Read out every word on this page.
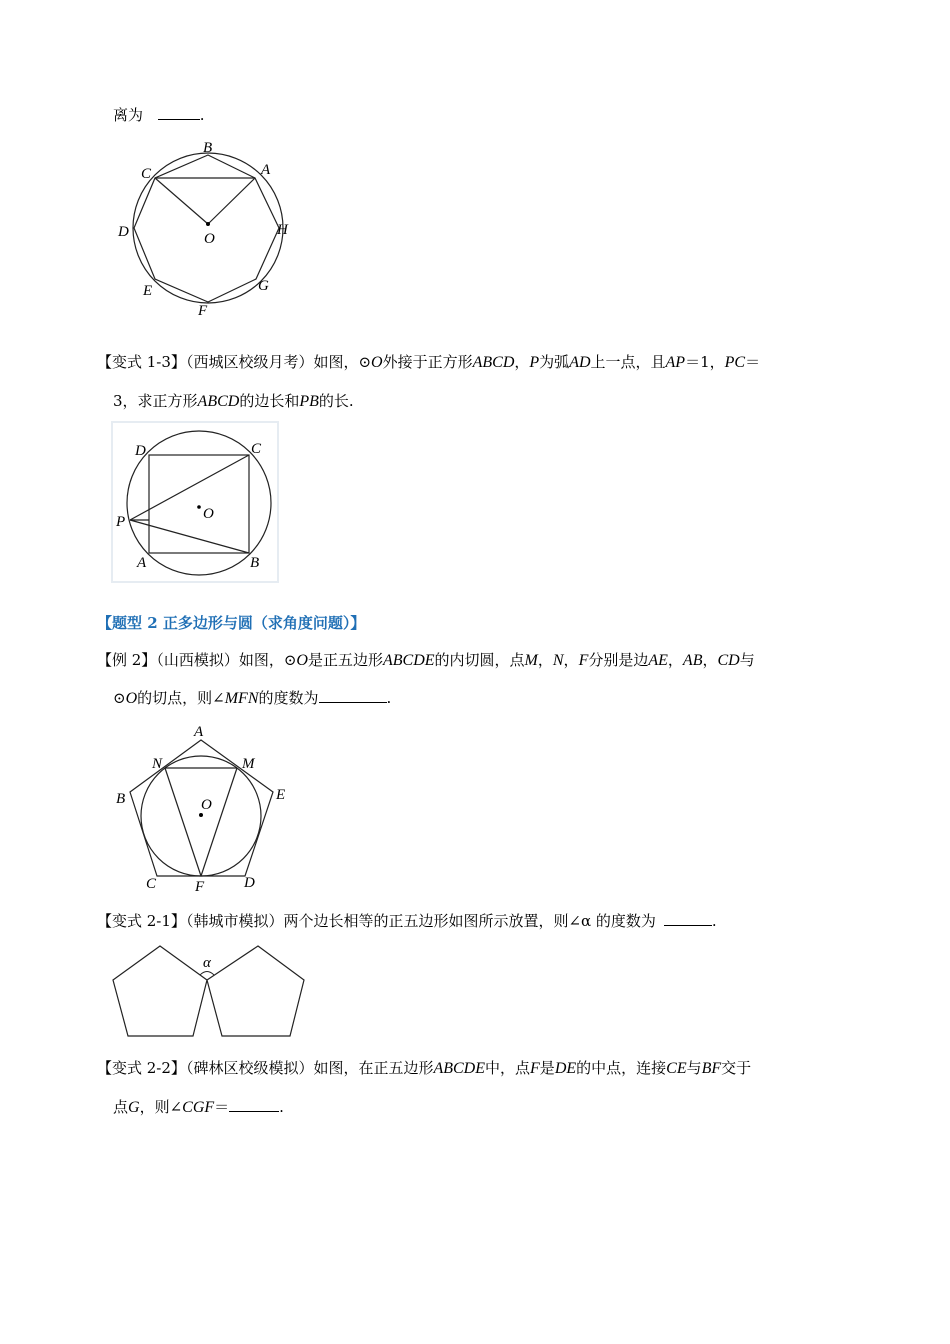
离为	.
B
A
C
D	O
H
E
F
G
【变式 1-3】（西城区校级月考）如图，⊙O外接于正方形ABCD，P为弧AD上一点，且AP＝1，PC＝
3，求正方形ABCD的边长和PB的长.
D	C
O
P
A	B
【题型 2 正多边形与圆（求角度问题）】
【例 2】（山西模拟）如图，⊙O是正五边形ABCDE的内切圆，点M，N，F分别是边AE，AB，CD与
⊙O的切点，则∠MFN的度数为	.
A
N	M
B	O
E
C	F	D
【变式 2-1】（韩城市模拟）两个边长相等的正五边形如图所示放置，则∠α 的度数为	.
α
【变式 2-2】（碑林区校级模拟）如图，在正五边形ABCDE中，点F是DE的中点，连接CE与BF交于
点G，则∠CGF＝	.
